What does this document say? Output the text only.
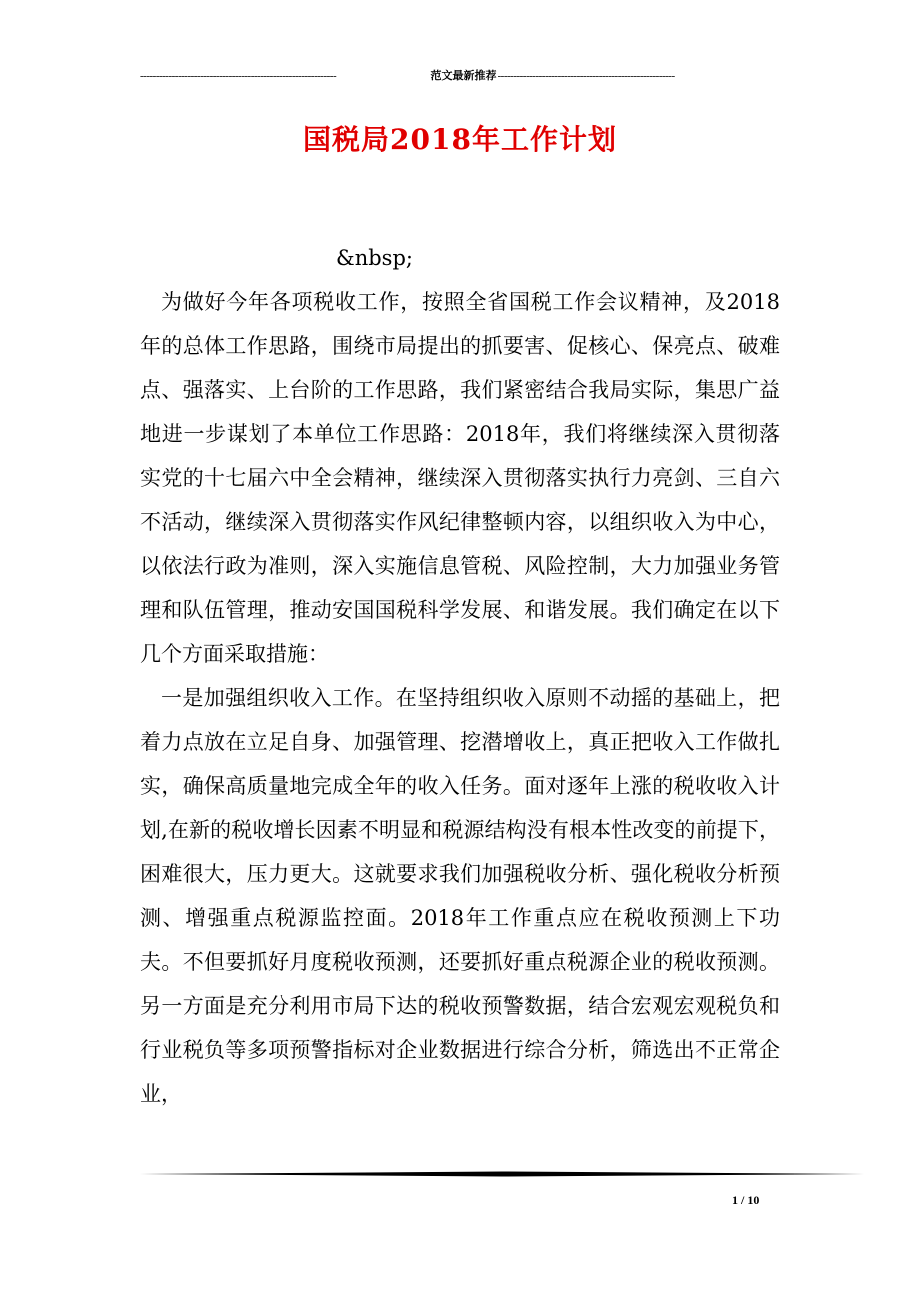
--------------------------------------------------------------	范文最新推荐 --------------------------------------------------------
国税局2018年工作计划
&nbsp;

为做好今年各项税收工作，按照全省国税工作会议精神，及2018年的总体工作思路，围绕市局提出的抓要害、促核心、保亮点、破难点、强落实、上台阶的工作思路，我们紧密结合我局实际，集思广益地进一步谋划了本单位工作思路：2018年，我们将继续深入贯彻落实党的十七届六中全会精神，继续深入贯彻落实执行力亮剑、三自六不活动，继续深入贯彻落实作风纪律整顿内容，以组织收入为中心，以依法行政为准则，深入实施信息管税、风险控制，大力加强业务管理和队伍管理，推动安国国税科学发展、和谐发展。我们确定在以下几个方面采取措施：

一是加强组织收入工作。在坚持组织收入原则不动摇的基础上，把着力点放在立足自身、加强管理、挖潜增收上，真正把收入工作做扎实，确保高质量地完成全年的收入任务。面对逐年上涨的税收收入计划,在新的税收增长因素不明显和税源结构没有根本性改变的前提下，困难很大，压力更大。这就要求我们加强税收分析、强化税收分析预测、增强重点税源监控面。2018年工作重点应在税收预测上下功夫。不但要抓好月度税收预测，还要抓好重点税源企业的税收预测。另一方面是充分利用市局下达的税收预警数据，结合宏观宏观税负和行业税负等多项预警指标对企业数据进行综合分析，筛选出不正常企业，

1 / 10
